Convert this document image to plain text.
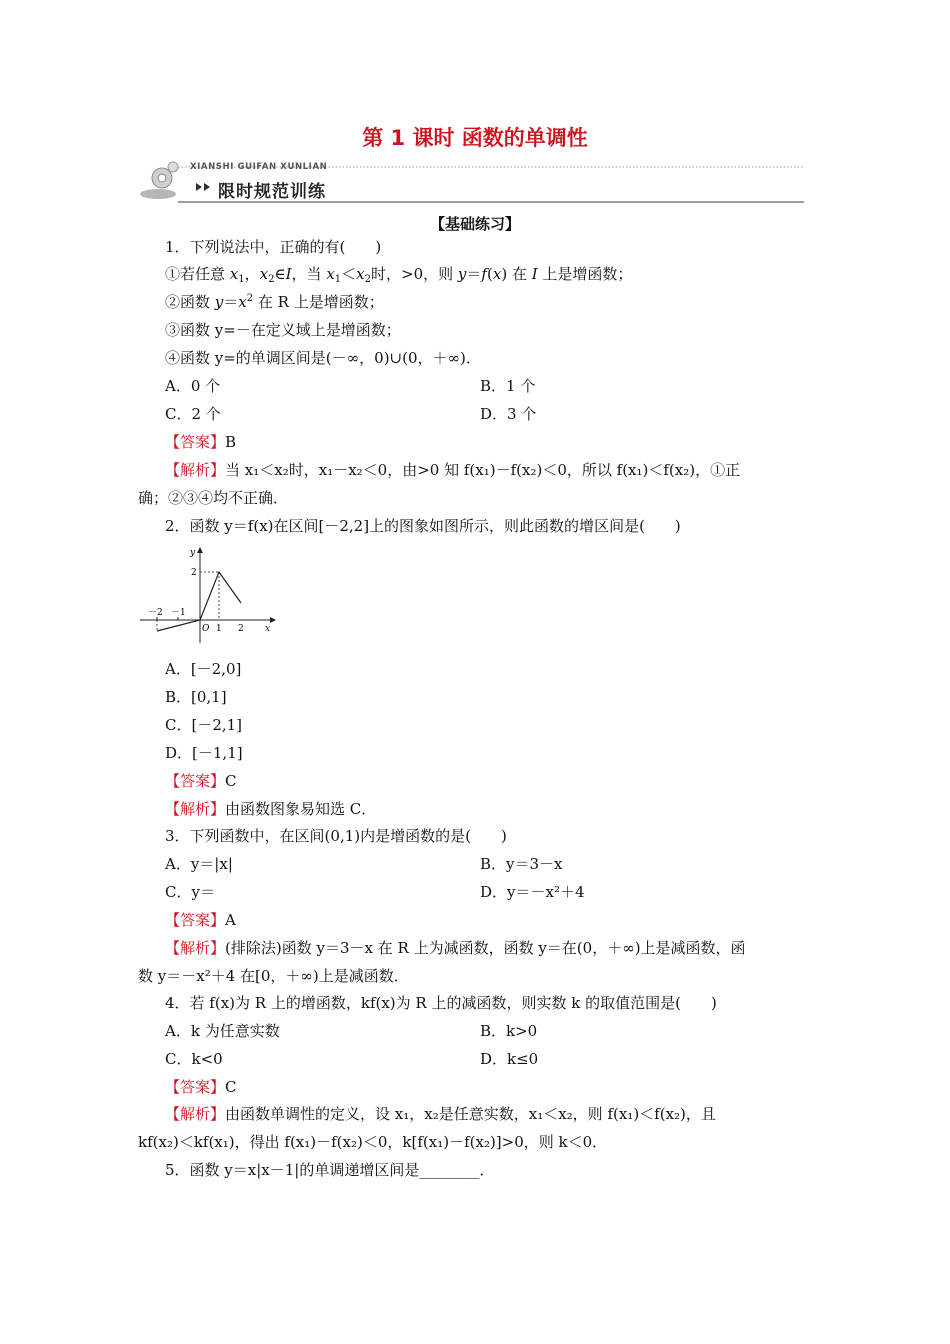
第 1 课时 函数的单调性
XIANSHI GUIFAN XUNLIAN
限时规范训练
【基础练习】
1．下列说法中，正确的有(　　)
①若任意 $x_1$，$x_2\in I$，当 $x_1<x_2$时，>0，则 y＝f(x) 在 I 上是增函数；
②函数 $y=x^2$ 在 R 上是增函数；
③函数 y=－在定义域上是增函数；
④函数 y=的单调区间是(－∞，0)∪(0，＋∞)．
A．0 个	B．1 个
C．2 个	D．3 个
【答案】B
【解析】当 x₁＜x₂时，x₁－x₂＜0，由>0 知 f(x₁)－f(x₂)＜0，所以 f(x₁)＜f(x₂)，①正
确；②③④均不正确．
2．函数 y＝f(x)在区间[－2,2]上的图象如图所示，则此函数的增区间是(　　)
y
x
O
2
－2 －1
1 2
A．[－2,0]
B．[0,1]
C．[－2,1]
D．[－1,1]
【答案】C
【解析】由函数图象易知选 C．
3．下列函数中，在区间(0,1)内是增函数的是(　　)
A．y＝|x|	B．y＝3－x
C．y＝	D．y＝－x²＋4
【答案】A
【解析】(排除法)函数 y＝3－x 在 R 上为减函数，函数 y＝在(0，＋∞)上是减函数，函
数 y＝－x²＋4 在[0，＋∞)上是减函数．
4．若 f(x)为 R 上的增函数，kf(x)为 R 上的减函数，则实数 k 的取值范围是(　　)
A．k 为任意实数	B．k>0
C．k<0	D．k≤0
【答案】C
【解析】由函数单调性的定义，设 x₁，x₂是任意实数，x₁＜x₂，则 f(x₁)＜f(x₂)，且
kf(x₂)＜kf(x₁)，得出 f(x₁)－f(x₂)＜0，k[f(x₁)－f(x₂)]>0，则 k＜0．
5．函数 y＝x|x－1|的单调递增区间是________．
